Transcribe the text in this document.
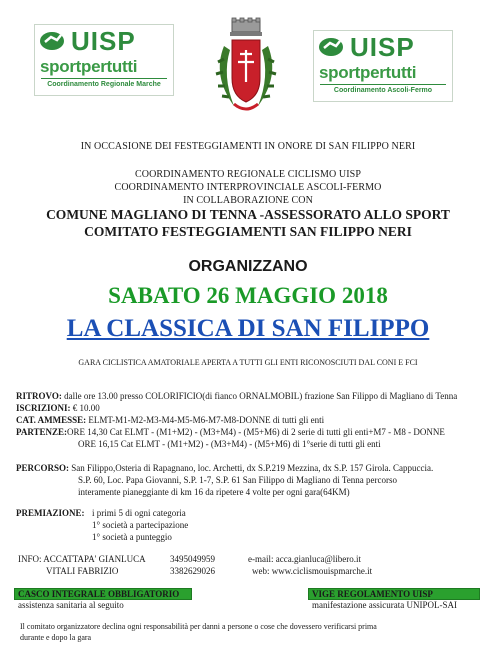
UISP
sportpertutti
Coordinamento Regionale Marche
UISP
sportpertutti
Coordinamento Ascoli-Fermo
IN OCCASIONE DEI FESTEGGIAMENTI IN ONORE DI SAN FILIPPO NERI
COORDINAMENTO REGIONALE CICLISMO UISP
COORDINAMENTO INTERPROVINCIALE ASCOLI-FERMO
IN COLLABORAZIONE CON
COMUNE MAGLIANO DI TENNA -ASSESSORATO ALLO SPORT
COMITATO FESTEGGIAMENTI SAN FILIPPO NERI
ORGANIZZANO
SABATO 26 MAGGIO 2018
LA CLASSICA DI SAN FILIPPO
GARA CICLISTICA AMATORIALE APERTA A TUTTI GLI ENTI RICONOSCIUTI DAL CONI E FCI
RITROVO: dalle ore 13.00 presso COLORIFICIO(di fianco ORNALMOBIL) frazione San Filippo di Magliano di Tenna
ISCRIZIONI: € 10.00
CAT. AMMESSE: ELMT-M1-M2-M3-M4-M5-M6-M7-M8-DONNE di tutti gli enti
PARTENZE:ORE 14,30 Cat ELMT - (M1+M2) - (M3+M4) - (M5+M6) di 2 serie di tutti gli enti+M7 - M8 - DONNE
ORE 16,15 Cat ELMT - (M1+M2) - (M3+M4) - (M5+M6) di 1°serie di tutti gli enti
PERCORSO: San Filippo,Osteria di Rapagnano, loc. Archetti, dx S.P.219 Mezzina, dx S.P. 157 Girola. Cappuccia.
S.P. 60, Loc. Papa Giovanni, S.P. 1-7, S.P. 61 San Filippo di Magliano di Tenna percorso
interamente pianeggiante di km 16 da ripetere 4 volte per ogni gara(64KM)
PREMIAZIONE: i primi 5 di ogni categoria
1° società a partecipazione
1° società a punteggio
INFO: ACCATTAPA' GIANLUCA	3495049959	e-mail: acca.gianluca@libero.it
VITALI FABRIZIO	3382629026	web: www.ciclismouispmarche.it
CASCO INTEGRALE OBBLIGATORIO
assistenza sanitaria al seguito
VIGE REGOLAMENTO UISP
manifestazione assicurata UNIPOL-SAI
Il comitato organizzatore declina ogni responsabilità per danni a persone o cose che dovessero verificarsi prima
durante e dopo la gara
